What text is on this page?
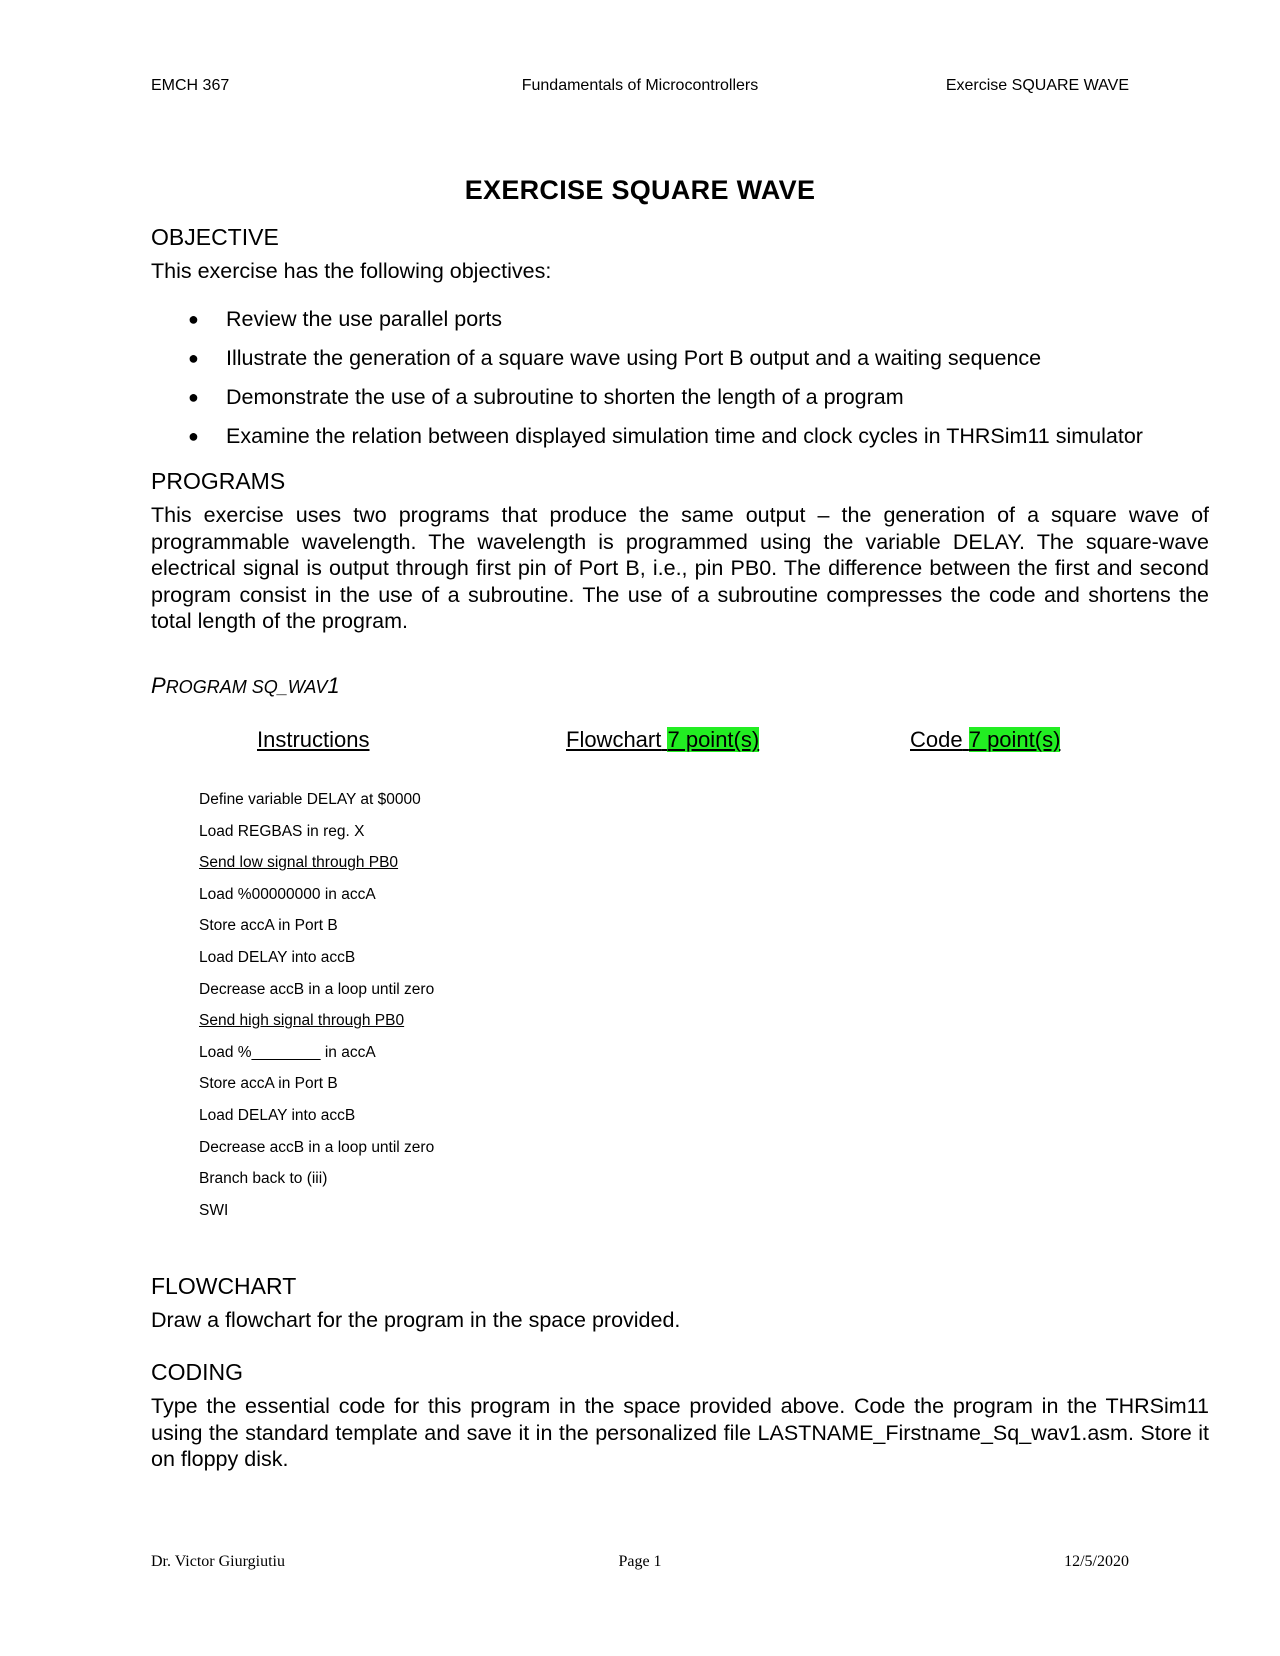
EMCH 367	Fundamentals of Microcontrollers	Exercise SQUARE WAVE
EXERCISE SQUARE WAVE
OBJECTIVE
This exercise has the following objectives:
● Review the use parallel ports
● Illustrate the generation of a square wave using Port B output and a waiting sequence
● Demonstrate the use of a subroutine to shorten the length of a program
● Examine the relation between displayed simulation time and clock cycles in THRSim11 simulator
PROGRAMS
This exercise uses two programs that produce the same output – the generation of a square wave of programmable wavelength. The wavelength is programmed using the variable DELAY. The square-wave electrical signal is output through first pin of Port B, i.e., pin PB0. The difference between the first and second program consist in the use of a subroutine. The use of a subroutine compresses the code and shortens the total length of the program.
PROGRAM SQ_WAV1
Instructions	Flowchart 7 point(s)	Code 7 point(s)
Define variable DELAY at $0000
Load REGBAS in reg. X
Send low signal through PB0
Load %00000000 in accA
Store accA in Port B
Load DELAY into accB
Decrease accB in a loop until zero
Send high signal through PB0
Load %________ in accA
Store accA in Port B
Load DELAY into accB
Decrease accB in a loop until zero
Branch back to (iii)
SWI
FLOWCHART
Draw a flowchart for the program in the space provided.
CODING
Type the essential code for this program in the space provided above. Code the program in the THRSim11 using the standard template and save it in the personalized file LASTNAME_Firstname_Sq_wav1.asm. Store it on floppy disk.
Dr. Victor Giurgiutiu	Page 1	12/5/2020
